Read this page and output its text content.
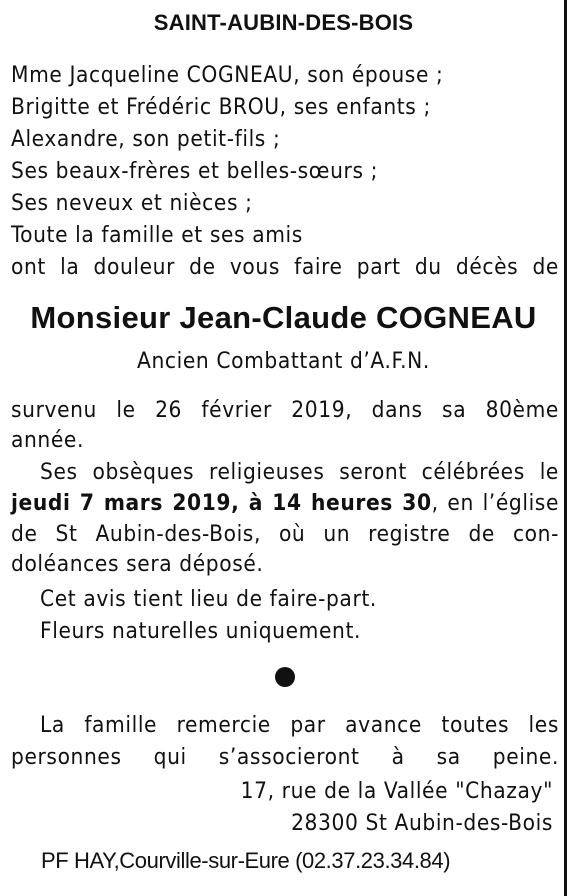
SAINT-AUBIN-DES-BOIS
Mme Jacqueline COGNEAU, son épouse ;
Brigitte et Frédéric BROU, ses enfants ;
Alexandre, son petit-fils ;
Ses beaux-frères et belles-sœurs ;
Ses neveux et nièces ;
Toute la famille et ses amis
ont la douleur de vous faire part du décès de
Monsieur Jean-Claude COGNEAU
Ancien Combattant d’A.F.N.
survenu le 26 février 2019, dans sa 80ème
année.
Ses obsèques religieuses seront célébrées le
jeudi 7 mars 2019, à 14 heures 30, en l’église
de St Aubin-des-Bois, où un registre de con-
doléances sera déposé.
Cet avis tient lieu de faire-part.
Fleurs naturelles uniquement.
La famille remercie par avance toutes les
personnes qui s’associeront à sa peine.
17, rue de la Vallée "Chazay"
28300 St Aubin-des-Bois
PF HAY,Courville-sur-Eure (02.37.23.34.84)
